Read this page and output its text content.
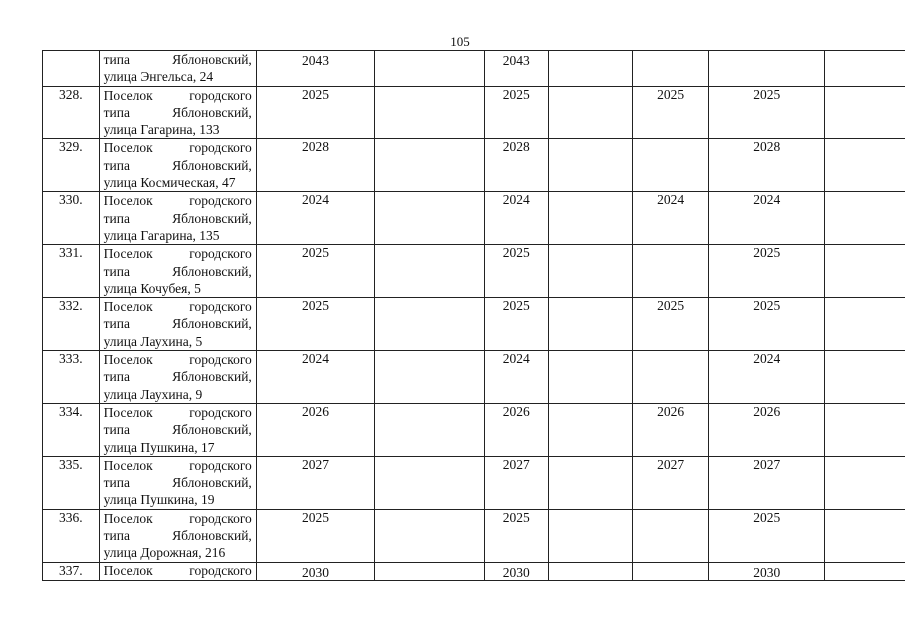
105

	типа Яблоновский,
улица Энгельса, 24	2043		2043				
328.	Поселок городского
типа Яблоновский,
улица Гагарина, 133	2025		2025		2025	2025	
329.	Поселок городского
типа Яблоновский,
улица Космическая, 47	2028		2028			2028	
330.	Поселок городского
типа Яблоновский,
улица Гагарина, 135	2024		2024		2024	2024	
331.	Поселок городского
типа Яблоновский,
улица Кочубея, 5	2025		2025			2025	
332.	Поселок городского
типа Яблоновский,
улица Лаухина, 5	2025		2025		2025	2025	
333.	Поселок городского
типа Яблоновский,
улица Лаухина, 9	2024		2024			2024	
334.	Поселок городского
типа Яблоновский,
улица Пушкина, 17	2026		2026		2026	2026	
335.	Поселок городского
типа Яблоновский,
улица Пушкина, 19	2027		2027		2027	2027	
336.	Поселок городского
типа Яблоновский,
улица Дорожная, 216	2025		2025			2025	
337.	Поселок городского	2030		2030			2030	
